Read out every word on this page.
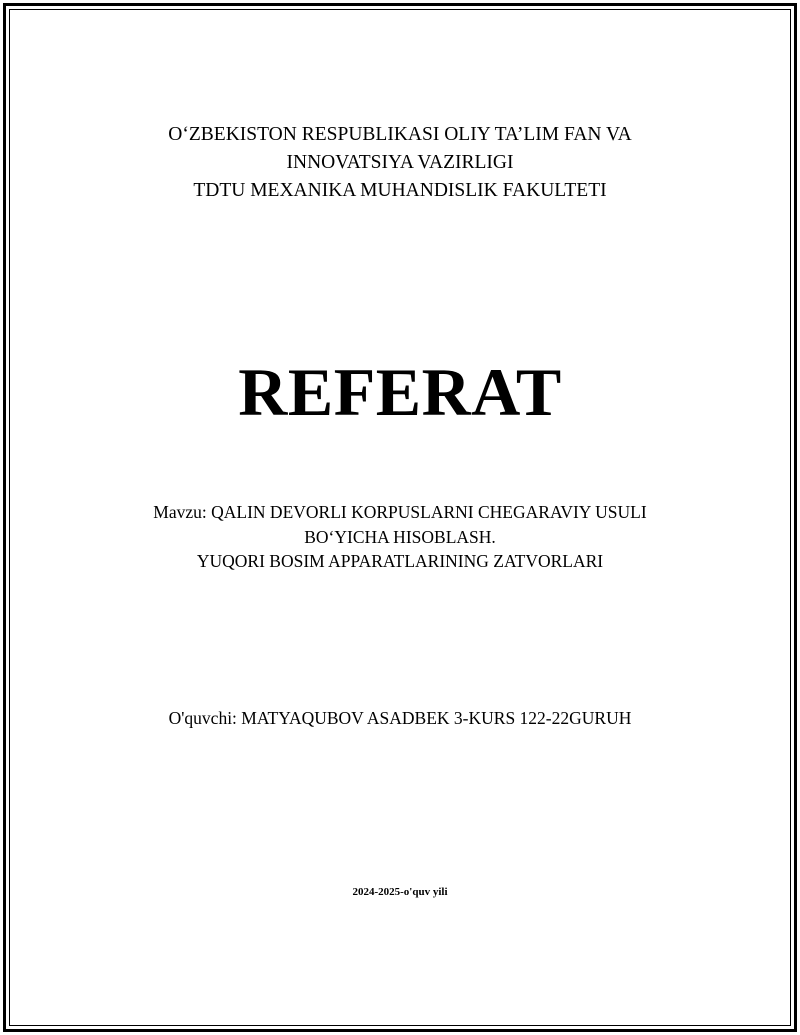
O‘ZBEKISTON RESPUBLIKASI OLIY TA’LIM FAN VA
INNOVATSIYA VAZIRLIGI
TDTU MEXANIKA MUHANDISLIK FAKULTETI
REFERAT
Mavzu: QALIN DEVORLI KORPUSLARNI CHEGARAVIY USULI
BO‘YICHA HISOBLASH.
YUQORI BOSIM APPARATLARINING ZATVORLARI
O'quvchi: MATYAQUBOV ASADBEK 3-KURS 122-22GURUH
2024-2025-o'quv yili
